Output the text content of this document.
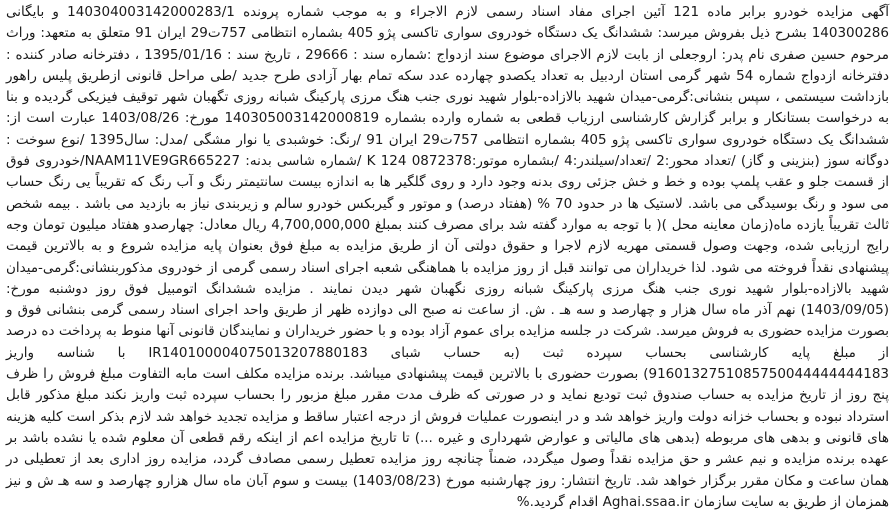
آگهی مزایده خودرو برابر ماده 121 آئین اجرای مفاد اسناد رسمی لازم الاجراء و به موجب شماره پرونده 140304003142000283/1 و بایگانی 140300286 بشرح ذیل بفروش میرسد: ششدانگ یک دستگاه خودروی سواری تاکسی پژو 405 بشماره انتظامی 757ت29 ایران 91 متعلق به متعهد: وراث مرحوم حسین صفری نام پدر: اروجعلی از بابت لازم الاجرای موضوع سند ازدواج :شماره سند : 29666 ، تاریخ سند : 1395/01/16 ، دفترخانه صادر کننده : دفترخانه ازدواج شماره 54 شهر گرمی استان اردبیل به تعداد یکصدو چهارده عدد سکه تمام بهار آزادی طرح جدید /طی مراحل قانونی ازطریق پلیس راهور بازداشت سیستمی ، سپس بنشانی:گرمی-میدان شهید بالازاده-بلوار شهید نوری جنب هنگ مرزی پارکینگ شبانه روزی تگهبان شهر توقیف فیزیکی گردیده و بنا به درخواست بستانکار و برابر گزارش کارشناسی ارزیاب قطعی به شماره وارده بشماره 140305003142000819 مورخ: 1403/08/26 عبارت است از: ششدانگ یک دستگاه خودروی سواری تاکسی پژو 405 بشماره انتظامی 757ت29 ایران 91 /رنگ: خوشبدی یا نوار مشگی /مدل: سال1395 /نوع سوخت : دوگانه سوز (بنزینی و گاز) /تعداد محور:2 /تعداد/سیلندر:4 /بشماره موتور:0872378 124 K /شماره شاسی بدنه: NAAM11VE9GR665227/خودروی فوق از قسمت جلو و عقب پلمپ بوده و خط و خش جزئی روی بدنه وجود دارد و روی گلگیر ها به اندازه بیست سانتیمتر رنگ و آب رنگ که تقریباً یی رنگ حساب می سود و رنگ بوسیدگی می باشد. لاستیک ها در حدود 70 % (هفتاد درصد) و موتور و گیربکس خودرو سالم و زیربندی نیاز به بازدید می باشد . بیمه شخص ثالث تقریباً یازده ماه(زمان معاینه محل )( با توجه به موارد گفته شد برای مصرف کنند بمبلغ 4,700,000,000 ریال معادل: چهارصدو هفتاد میلیون تومان وجه رایج ارزیابی شده، وجهت وصول قسمتی مهریه لازم لاجرا و حقوق دولتی آن از طریق مزایده به مبلغ فوق بعنوان پایه مزایده شروع و به بالاترین قیمت پیشنهادی نقداً فروخته می شود. لذا خریداران می توانند قبل از روز مزایده با هماهنگی شعبه اجرای اسناد رسمی گرمی از خودروی مذکوربنشانی:گرمی-میدان شهید بالازاده-بلوار شهید نوری جنب هنگ مرزی پارکینگ شبانه روزی نگهبان شهر دیدن نمایند . مزایده ششدانگ اتومبیل فوق روز دوشنبه مورخ: (1403/09/05) نهم آذر ماه سال هزار و چهارصد و سه هـ . ش. از ساعت نه صبح الی دوازده ظهر از طریق واحد اجرای اسناد رسمی گرمی بنشانی فوق و بصورت مزایده حضوری به فروش میرسد. شرکت در جلسه مزایده برای عموم آزاد بوده و با حضور خریداران و نمایندگان قانونی آنها منوط به پرداخت ده درصد از مبلغ پایه کارشناسی بحساب سپرده ثبت (به حساب شبای IR140100004075013207880183 با شناسه واریز 9160132751085750044444444183) بصورت حضوری با بالاترین قیمت پیشنهادی میباشد. برنده مزایده مکلف است مابه التفاوت مبلغ فروش را ظرف پنج روز از تاریخ مزایده به حساب صندوق ثبت تودیع نماید و در صورتی که ظرف مدت مقرر مبلغ مزبور را بحساب سپرده ثبت واریز نکند مبلغ مذکور قابل استرداد نبوده و بحساب خزانه دولت واریز خواهد شد و در اینصورت عملیات فروش از درجه اعتبار ساقط و مزایده تجدید خواهد شد لازم بذکر است کلیه هزینه های قانونی و بدهی های مربوطه (بدهی های مالیاتی و عوارض شهرداری و غیره ...) تا تاریخ مزایده اعم از اینکه رقم قطعی آن معلوم شده یا نشده باشد بر عهده برنده مزایده و نیم عشر و حق مزایده نقداً وصول میگردد، ضمناً چنانچه روز مزایده تعطیل رسمی مصادف گردد، مزایده روز اداری بعد از تعطیلی در همان ساعت و مکان مقرر برگزار خواهد شد. تاریخ انتشار: روز چهارشنبه مورخ (1403/08/23) بیست و سوم آبان ماه سال هزارو چهارصد و سه هـ ش و نیز همزمان از طریق به سایت سازمان Aghai.ssaa.ir اقدام گردید.%
